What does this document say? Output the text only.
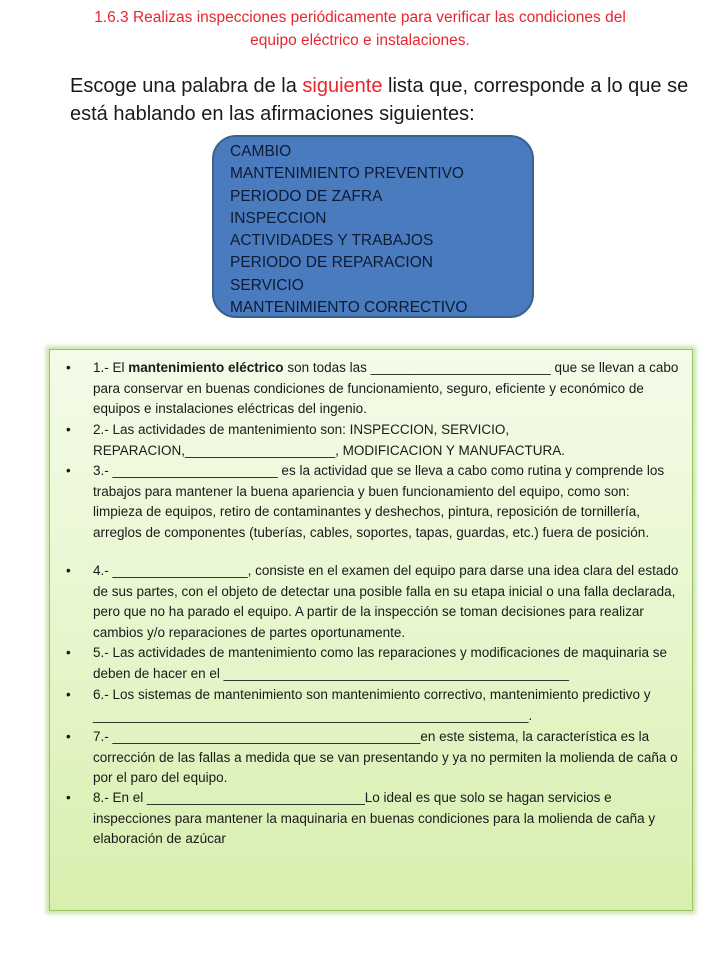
1.6.3 Realizas inspecciones periódicamente para verificar las condiciones del
equipo eléctrico e instalaciones.
Escoge una palabra de la siguiente lista que, corresponde a lo que se está hablando en las afirmaciones siguientes:
CAMBIO
MANTENIMIENTO PREVENTIVO
PERIODO DE ZAFRA
INSPECCION
ACTIVIDADES Y TRABAJOS
PERIODO DE REPARACION
SERVICIO
MANTENIMIENTO CORRECTIVO
• 1.- El mantenimiento eléctrico son todas las ________________________ que se llevan a cabo para conservar en buenas condiciones de funcionamiento, seguro, eficiente y económico de equipos e instalaciones eléctricas del ingenio.

• 2.- Las actividades de mantenimiento son: INSPECCION, SERVICIO, REPARACION,____________________, MODIFICACION Y MANUFACTURA.

• 3.- ______________________ es la actividad que se lleva a cabo como rutina y comprende los trabajos para mantener la buena apariencia y buen funcionamiento del equipo, como son: limpieza de equipos, retiro de contaminantes y deshechos, pintura, reposición de tornillería, arreglos de componentes (tuberías, cables, soportes, tapas, guardas, etc.) fuera de posición.

• 4.- __________________, consiste en el examen del equipo para darse una idea clara del estado de sus partes, con el objeto de detectar una posible falla en su etapa inicial o una falla declarada, pero que no ha parado el equipo. A partir de la inspección se toman decisiones para realizar cambios y/o reparaciones de partes oportunamente.

• 5.- Las actividades de mantenimiento como las reparaciones y modificaciones de maquinaria se deben de hacer en el ______________________________________________

• 6.- Los sistemas de mantenimiento son mantenimiento correctivo, mantenimiento predictivo y __________________________________________________________.

• 7.- _________________________________________en este sistema, la característica es la corrección de las fallas a medida que se van presentando y ya no permiten la molienda de caña o por el paro del equipo.

• 8.- En el _____________________________Lo ideal es que solo se hagan servicios e inspecciones para mantener la maquinaria en buenas condiciones para la molienda de caña y elaboración de azúcar
